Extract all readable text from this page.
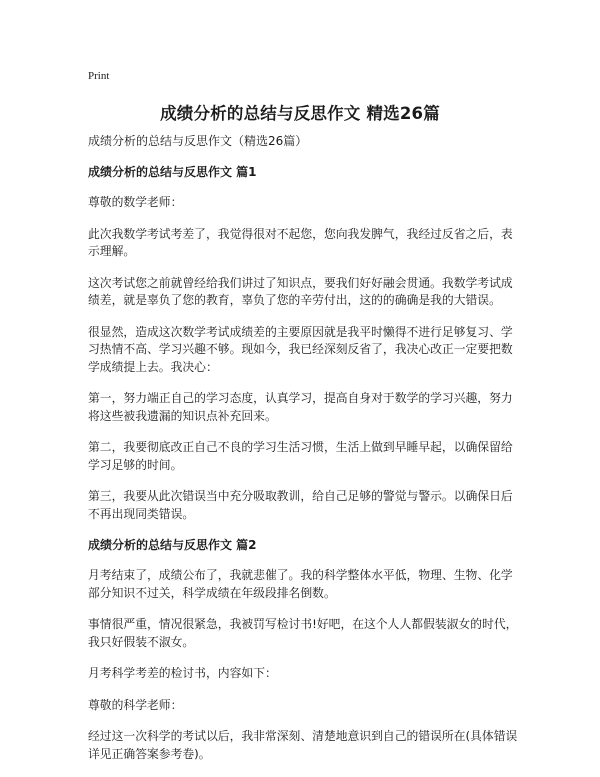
Print
成绩分析的总结与反思作文 精选26篇
成绩分析的总结与反思作文（精选26篇）
成绩分析的总结与反思作文 篇1
尊敬的数学老师：
此次我数学考试考差了，我觉得很对不起您，您向我发脾气，我经过反省之后，表示理解。
这次考试您之前就曾经给我们讲过了知识点，要我们好好融会贯通。我数学考试成绩差，就是辜负了您的教育，辜负了您的辛劳付出，这的的确确是我的大错误。
很显然，造成这次数学考试成绩差的主要原因就是我平时懒得不进行足够复习、学习热情不高、学习兴趣不够。现如今，我已经深刻反省了，我决心改正一定要把数学成绩提上去。我决心：
第一，努力端正自己的学习态度，认真学习，提高自身对于数学的学习兴趣，努力将这些被我遗漏的知识点补充回来。
第二，我要彻底改正自己不良的学习生活习惯，生活上做到早睡早起，以确保留给学习足够的时间。
第三，我要从此次错误当中充分吸取教训，给自己足够的警觉与警示。以确保日后不再出现同类错误。
成绩分析的总结与反思作文 篇2
月考结束了，成绩公布了，我就悲催了。我的科学整体水平低，物理、生物、化学部分知识不过关，科学成绩在年级段排名倒数。
事情很严重，情况很紧急，我被罚写检讨书!好吧，在这个人人都假装淑女的时代，我只好假装不淑女。
月考科学考差的检讨书，内容如下：
尊敬的科学老师：
经过这一次科学的考试以后，我非常深刻、清楚地意识到自己的错误所在(具体错误详见正确答案参考卷)。
